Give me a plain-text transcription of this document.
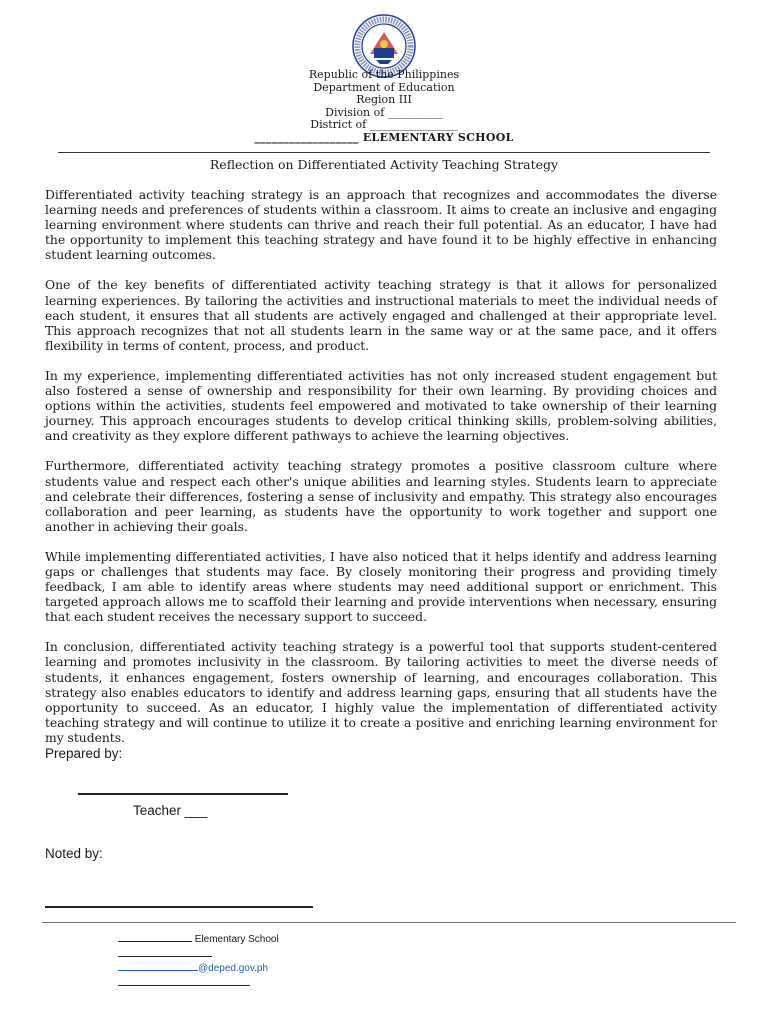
Republic of the Philippines
Department of Education
Region III
Division of __________
District of ________________
__________________ ELEMENTARY SCHOOL
Reflection on Differentiated Activity Teaching Strategy

Differentiated activity teaching strategy is an approach that recognizes and accommodates the diverse learning needs and preferences of students within a classroom. It aims to create an inclusive and engaging learning environment where students can thrive and reach their full potential. As an educator, I have had the opportunity to implement this teaching strategy and have found it to be highly effective in enhancing student learning outcomes.

One of the key benefits of differentiated activity teaching strategy is that it allows for personalized learning experiences. By tailoring the activities and instructional materials to meet the individual needs of each student, it ensures that all students are actively engaged and challenged at their appropriate level. This approach recognizes that not all students learn in the same way or at the same pace, and it offers flexibility in terms of content, process, and product.

In my experience, implementing differentiated activities has not only increased student engagement but also fostered a sense of ownership and responsibility for their own learning. By providing choices and options within the activities, students feel empowered and motivated to take ownership of their learning journey. This approach encourages students to develop critical thinking skills, problem-solving abilities, and creativity as they explore different pathways to achieve the learning objectives.

Furthermore, differentiated activity teaching strategy promotes a positive classroom culture where students value and respect each other's unique abilities and learning styles. Students learn to appreciate and celebrate their differences, fostering a sense of inclusivity and empathy. This strategy also encourages collaboration and peer learning, as students have the opportunity to work together and support one another in achieving their goals.

While implementing differentiated activities, I have also noticed that it helps identify and address learning gaps or challenges that students may face. By closely monitoring their progress and providing timely feedback, I am able to identify areas where students may need additional support or enrichment. This targeted approach allows me to scaffold their learning and provide interventions when necessary, ensuring that each student receives the necessary support to succeed.

In conclusion, differentiated activity teaching strategy is a powerful tool that supports student-centered learning and promotes inclusivity in the classroom. By tailoring activities to meet the diverse needs of students, it enhances engagement, fosters ownership of learning, and encourages collaboration. This strategy also enables educators to identify and address learning gaps, ensuring that all students have the opportunity to succeed. As an educator, I highly value the implementation of differentiated activity teaching strategy and will continue to utilize it to create a positive and enriching learning environment for my students.

Prepared by:
Teacher ___
Noted by:
Elementary School
@deped.gov.ph
